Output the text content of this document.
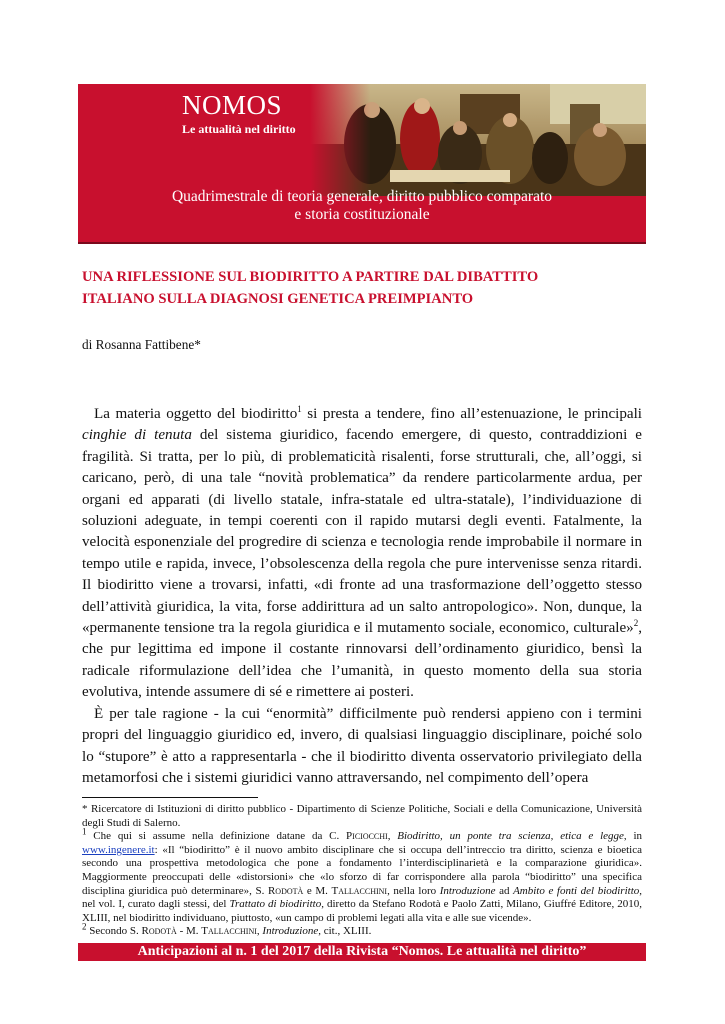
NOMOS
Le attualità nel diritto
Quadrimestrale di teoria generale, diritto pubblico comparato
e storia costituzionale
UNA RIFLESSIONE SUL BIODIRITTO A PARTIRE DAL DIBATTITO
ITALIANO SULLA DIAGNOSI GENETICA PREIMPIANTO
di Rosanna Fattibene*

La materia oggetto del biodiritto$^1$ si presta a tendere, fino all’estenuazione, le principali cinghie di tenuta del sistema giuridico, facendo emergere, di questo, contraddizioni e fragilità. Si tratta, per lo più, di problematicità risalenti, forse strutturali, che, all’oggi, si caricano, però, di una tale “novità problematica” da rendere particolarmente ardua, per organi ed apparati (di livello statale, infra-statale ed ultra-statale), l’individuazione di soluzioni adeguate, in tempi coerenti con il rapido mutarsi degli eventi. Fatalmente, la velocità esponenziale del progredire di scienza e tecnologia rende improbabile il normare in tempo utile e rapida, invece, l’obsolescenza della regola che pure intervenisse senza ritardi. Il biodiritto viene a trovarsi, infatti, «di fronte ad una trasformazione dell’oggetto stesso dell’attività giuridica, la vita, forse addirittura ad un salto antropologico». Non, dunque, la «permanente tensione tra la regola giuridica e il mutamento sociale, economico, culturale»$^2$, che pur legittima ed impone il costante rinnovarsi dell’ordinamento giuridico, bensì la radicale riformulazione dell’idea che l’umanità, in questo momento della sua storia evolutiva, intende assumere di sé e rimettere ai posteri.

È per tale ragione - la cui “enormità” difficilmente può rendersi appieno con i termini propri del linguaggio giuridico ed, invero, di qualsiasi linguaggio disciplinare, poiché solo lo “stupore” è atto a rappresentarla - che il biodiritto diventa osservatorio privilegiato della metamorfosi che i sistemi giuridici vanno attraversando, nel compimento dell’opera

* Ricercatore di Istituzioni di diritto pubblico - Dipartimento di Scienze Politiche, Sociali e della Comunicazione, Università degli Studi di Salerno.

$^1$ Che qui si assume nella definizione datane da C. Piciocchi, Biodiritto, un ponte tra scienza, etica e legge, in www.ingenere.it: «Il “biodiritto” è il nuovo ambito disciplinare che si occupa dell’intreccio tra diritto, scienza e bioetica secondo una prospettiva metodologica che pone a fondamento l’interdisciplinarietà e la comparazione giuridica». Maggiormente preoccupati delle «distorsioni» che «lo sforzo di far corrispondere alla parola “biodiritto” una specifica disciplina giuridica può determinare», S. Rodotà e M. Tallacchini, nella loro Introduzione ad Ambito e fonti del biodiritto, nel vol. I, curato dagli stessi, del Trattato di biodiritto, diretto da Stefano Rodotà e Paolo Zatti, Milano, Giuffré Editore, 2010, XLIII, nel biodiritto individuano, piuttosto, «un campo di problemi legati alla vita e alle sue vicende».

$^2$ Secondo S. Rodotà - M. Tallacchini, Introduzione, cit., XLIII.

Anticipazioni al n. 1 del 2017 della Rivista “Nomos. Le attualità nel diritto”
